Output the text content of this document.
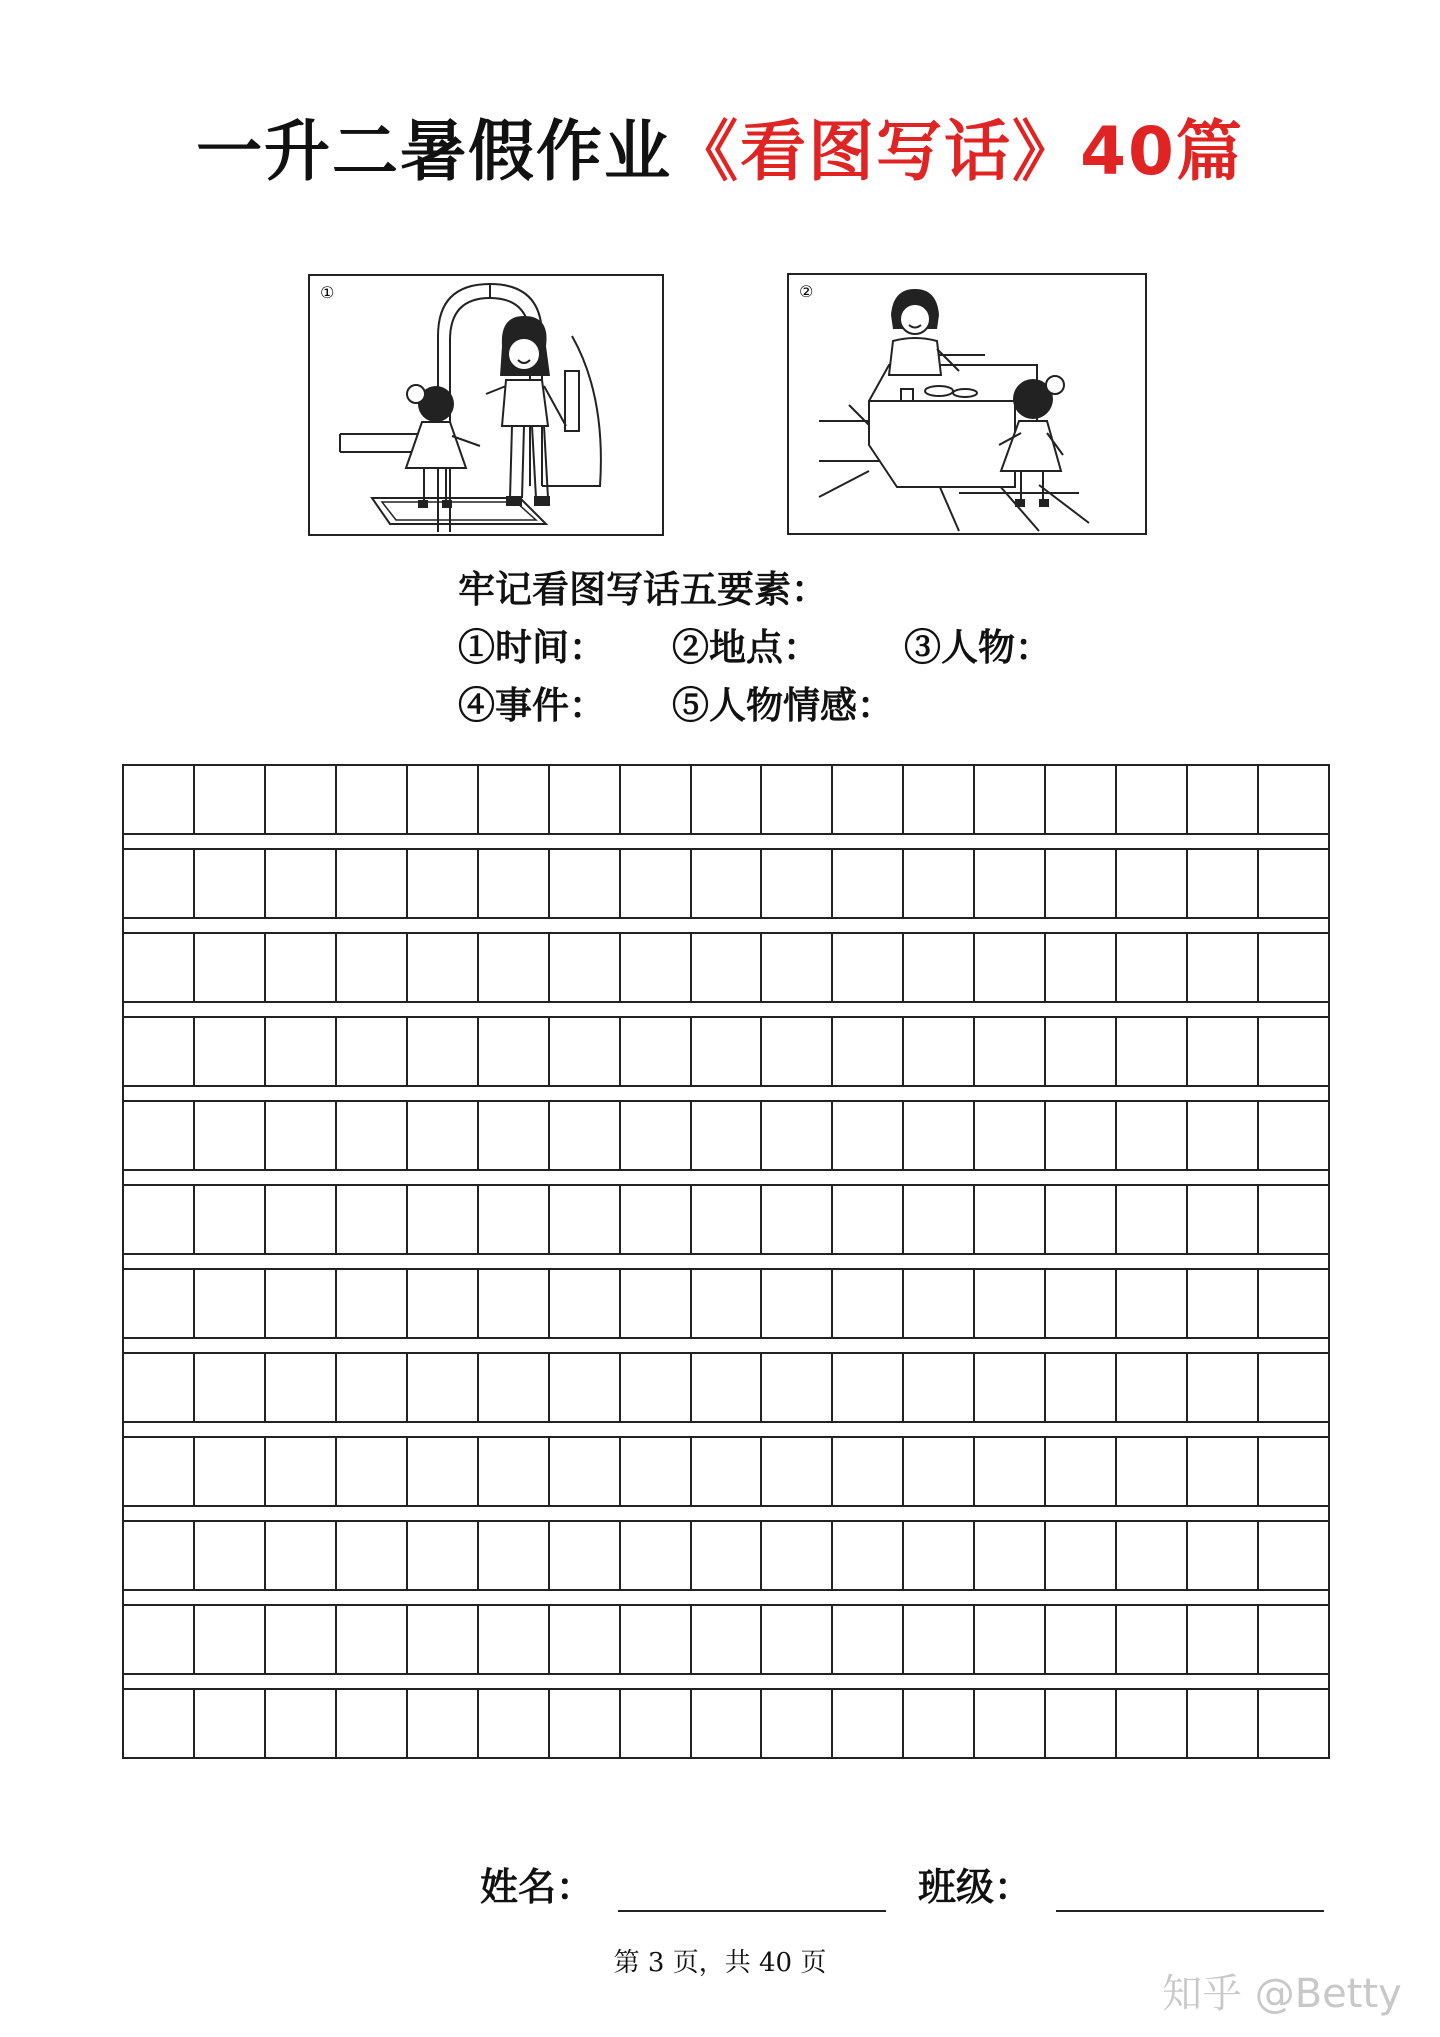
一升二暑假作业《看图写话》40篇
①	②
牢记看图写话五要素：
①时间： ②地点： ③人物：
④事件： ⑤人物情感：
姓名：	班级：
第 3 页，共 40 页
知乎 @Betty
